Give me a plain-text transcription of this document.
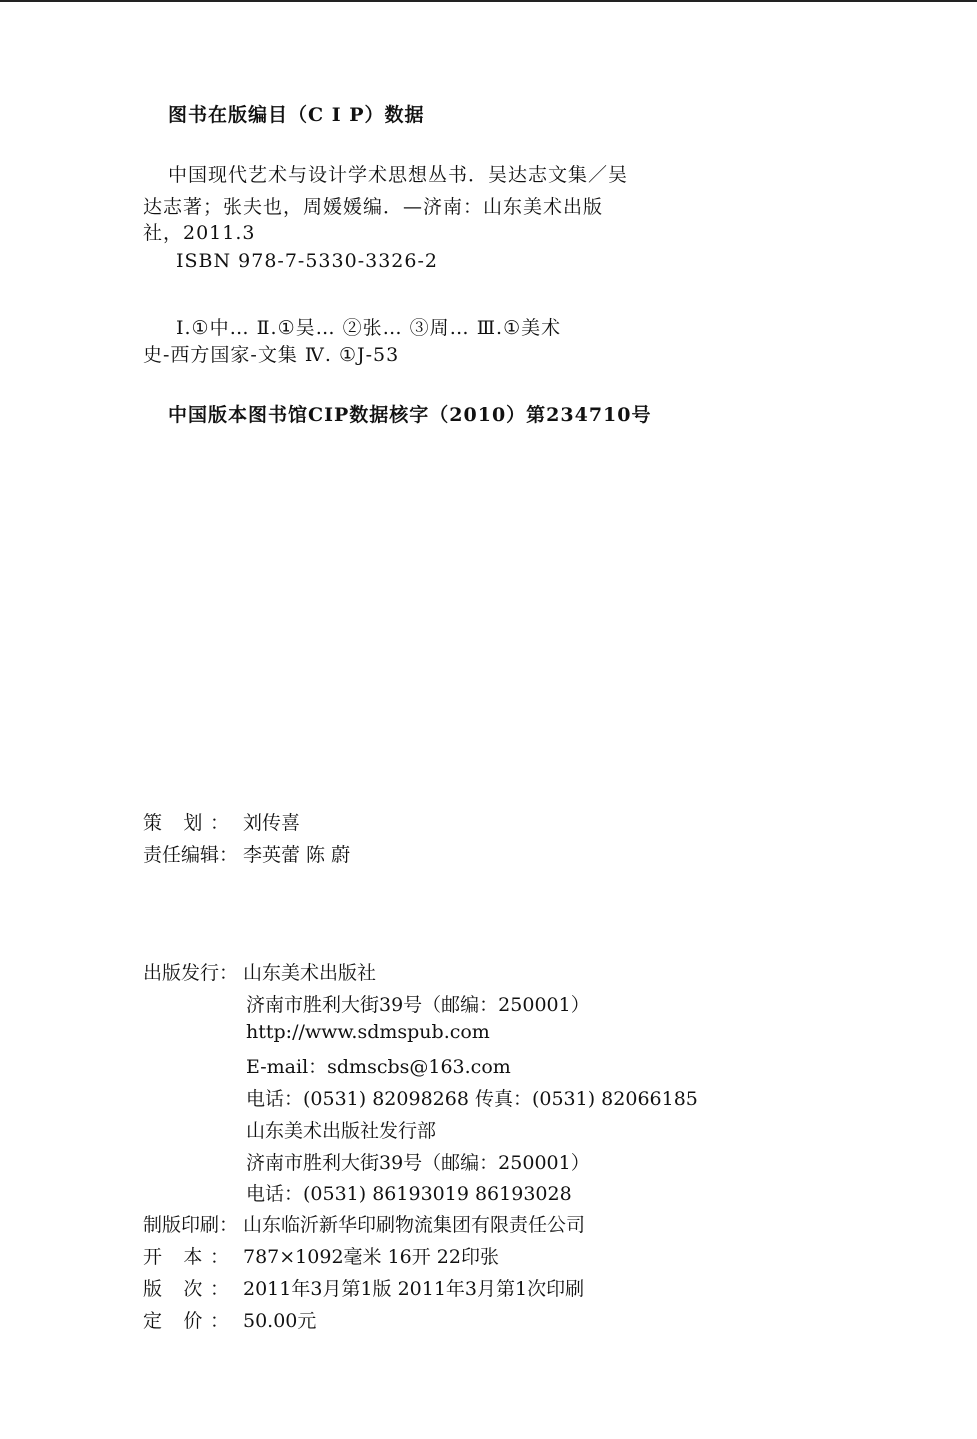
图书在版编目（C I P）数据
中国现代艺术与设计学术思想丛书．吴达志文集／吴
达志著；张夫也，周媛媛编．—济南：山东美术出版
社，2011.3
ISBN 978-7-5330-3326-2
Ⅰ.①中… Ⅱ.①吴… ②张… ③周… Ⅲ.①美术
史-西方国家-文集 Ⅳ. ①J-53
中国版本图书馆CIP数据核字（2010）第234710号
策 划： 刘传喜
责任编辑： 李英蕾 陈 蔚
出版发行： 山东美术出版社
济南市胜利大街39号（邮编：250001）
http://www.sdmspub.com
E-mail：sdmscbs@163.com
电话：(0531) 82098268 传真：(0531) 82066185
山东美术出版社发行部
济南市胜利大街39号（邮编：250001）
电话：(0531) 86193019 86193028
制版印刷： 山东临沂新华印刷物流集团有限责任公司
开 本： 787×1092毫米 16开 22印张
版 次： 2011年3月第1版 2011年3月第1次印刷
定 价： 50.00元
